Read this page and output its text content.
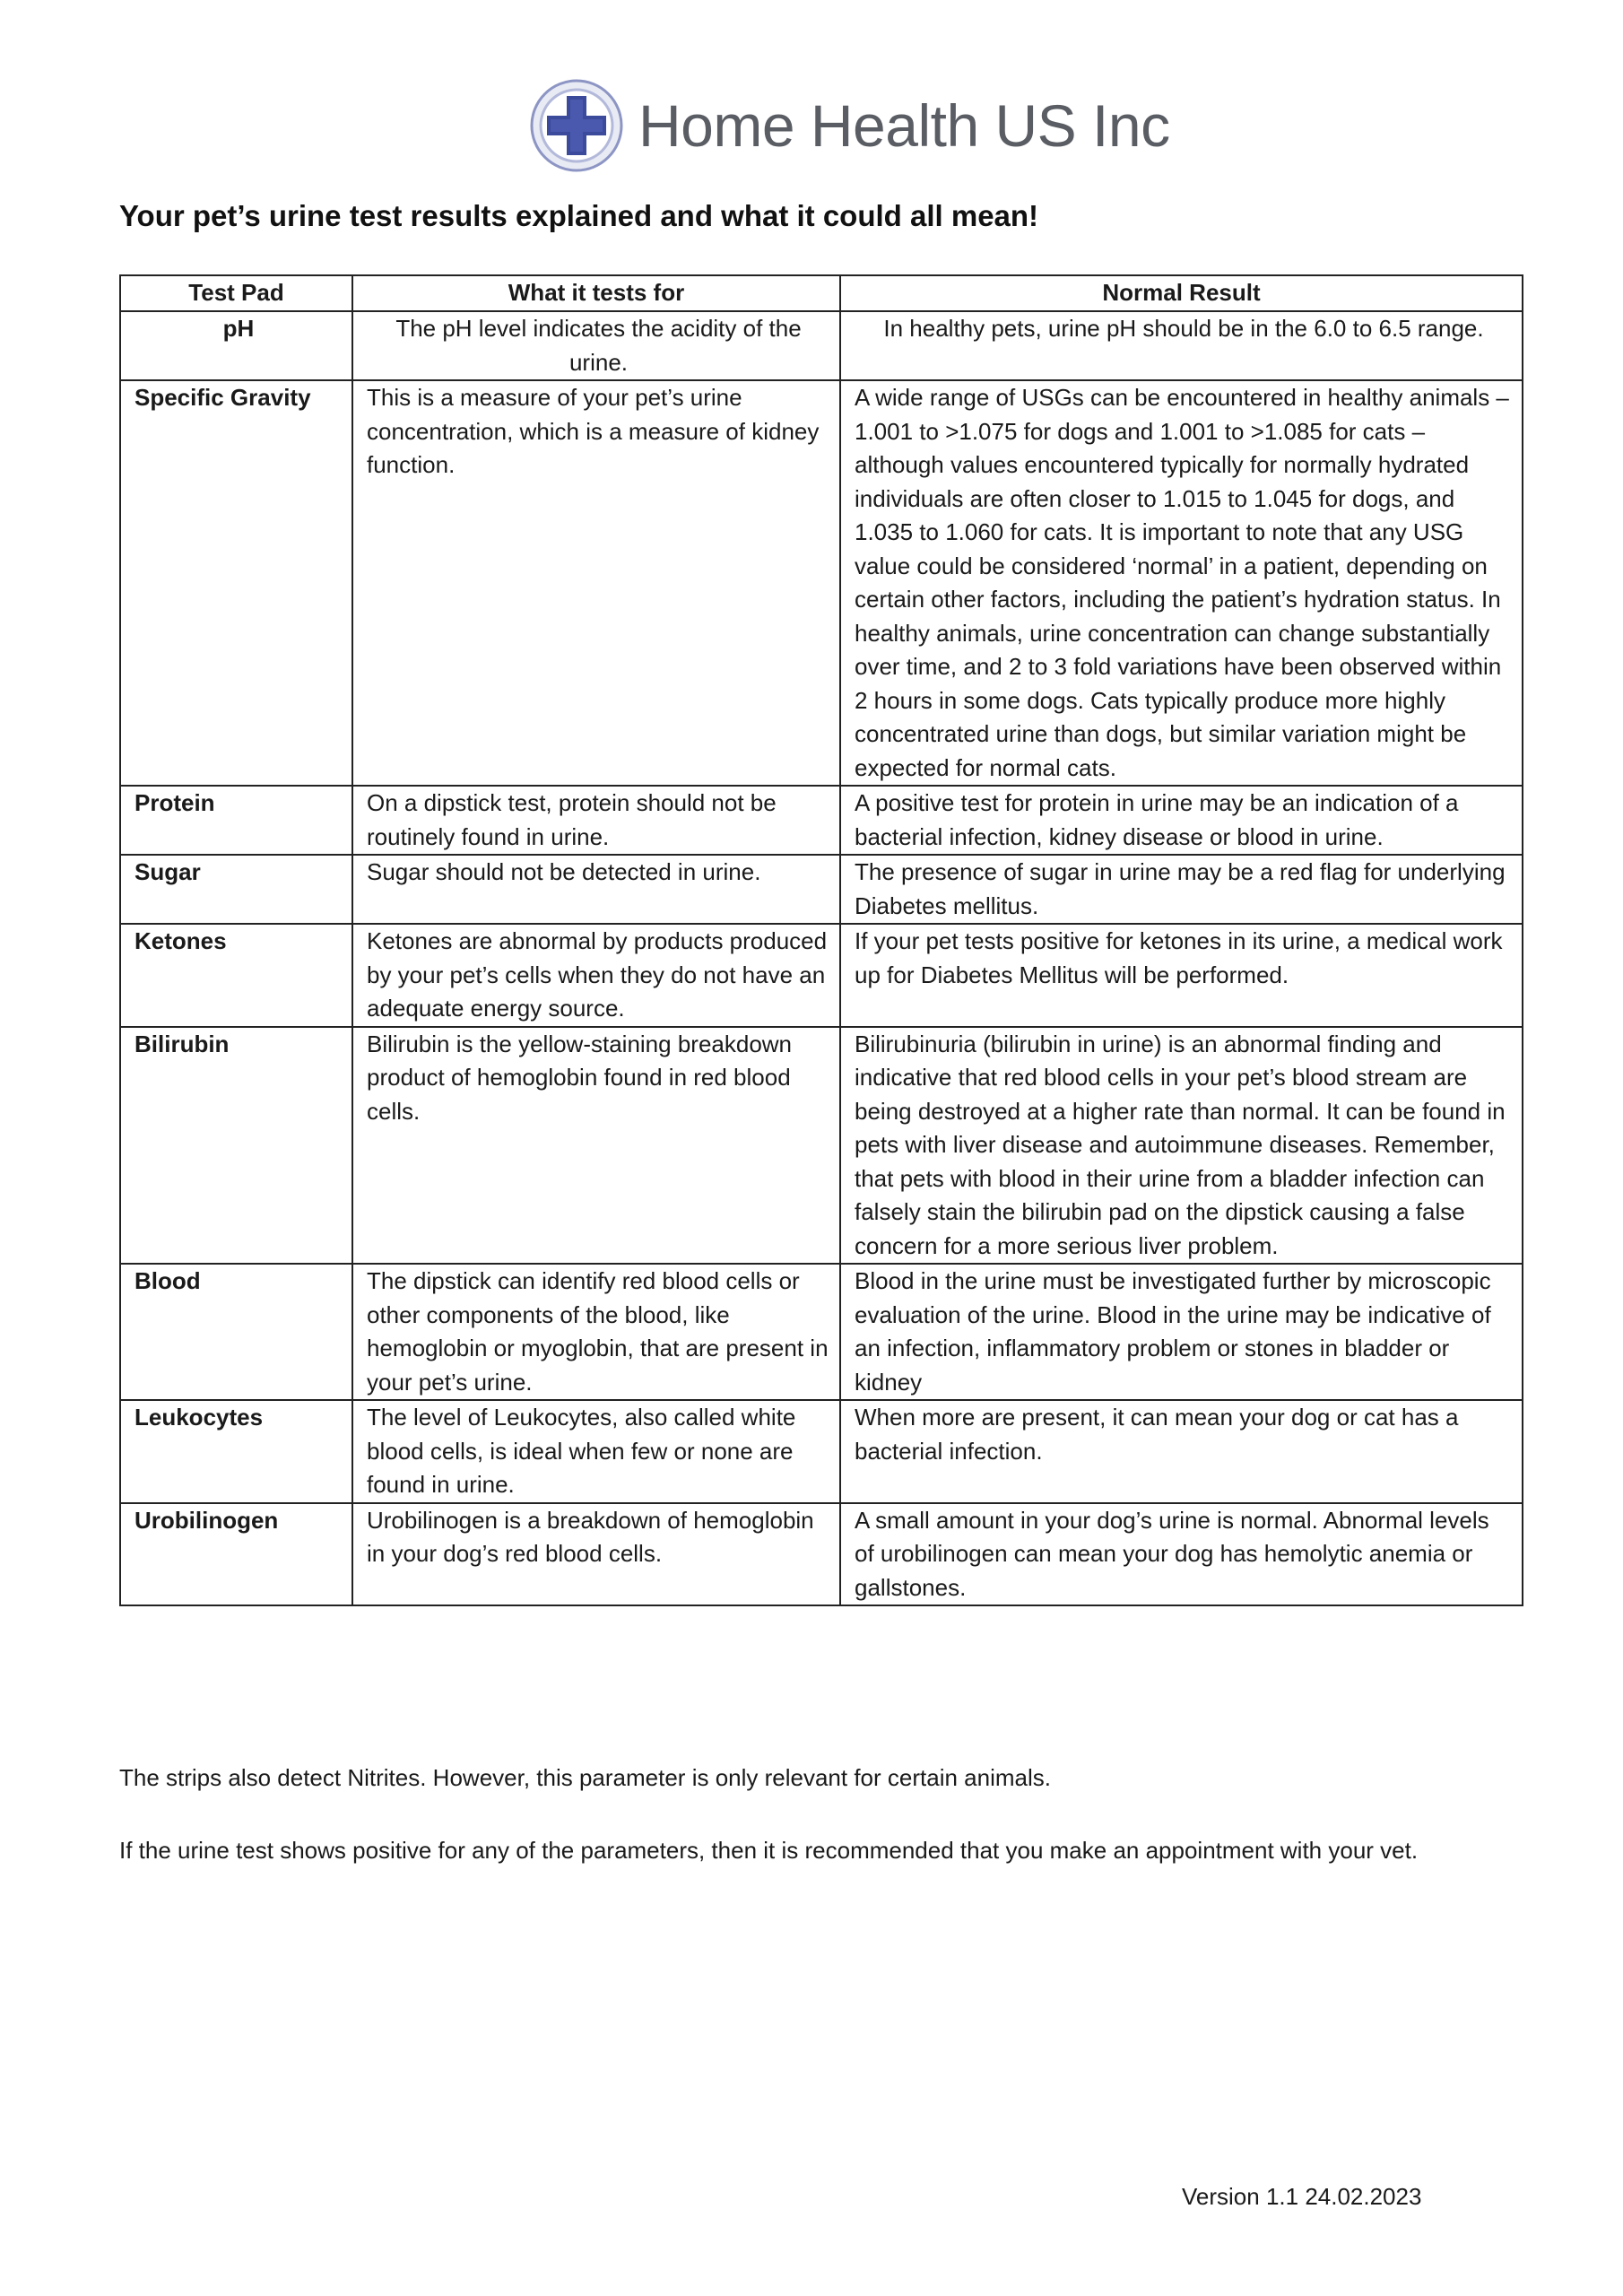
Home Health US Inc
Your pet’s urine test results explained and what it could all mean!
Test Pad	What it tests for	Normal Result
pH	The pH level indicates the acidity of the urine.	In healthy pets, urine pH should be in the 6.0 to 6.5 range.
Specific Gravity	This is a measure of your pet’s urine concentration, which is a measure of kidney function.	A wide range of USGs can be encountered in healthy animals – 1.001 to >1.075 for dogs and 1.001 to >1.085 for cats – although values encountered typically for normally hydrated individuals are often closer to 1.015 to 1.045 for dogs, and 1.035 to 1.060 for cats. It is important to note that any USG value could be considered ‘normal’ in a patient, depending on certain other factors, including the patient’s hydration status. In healthy animals, urine concentration can change substantially over time, and 2 to 3 fold variations have been observed within 2 hours in some dogs. Cats typically produce more highly concentrated urine than dogs, but similar variation might be expected for normal cats.
Protein	On a dipstick test, protein should not be routinely found in urine.	A positive test for protein in urine may be an indication of a bacterial infection, kidney disease or blood in urine.
Sugar	Sugar should not be detected in urine.	The presence of sugar in urine may be a red flag for underlying Diabetes mellitus.
Ketones	Ketones are abnormal by products produced by your pet’s cells when they do not have an adequate energy source.	If your pet tests positive for ketones in its urine, a medical work up for Diabetes Mellitus will be performed.
Bilirubin	Bilirubin is the yellow-staining breakdown product of hemoglobin found in red blood cells.	Bilirubinuria (bilirubin in urine) is an abnormal finding and indicative that red blood cells in your pet’s blood stream are being destroyed at a higher rate than normal. It can be found in pets with liver disease and autoimmune diseases. Remember, that pets with blood in their urine from a bladder infection can falsely stain the bilirubin pad on the dipstick causing a false concern for a more serious liver problem.
Blood	The dipstick can identify red blood cells or other components of the blood, like hemoglobin or myoglobin, that are present in your pet’s urine.	Blood in the urine must be investigated further by microscopic evaluation of the urine. Blood in the urine may be indicative of an infection, inflammatory problem or stones in bladder or kidney
Leukocytes	The level of Leukocytes, also called white blood cells, is ideal when few or none are found in urine.	When more are present, it can mean your dog or cat has a bacterial infection.
Urobilinogen	Urobilinogen is a breakdown of hemoglobin in your dog’s red blood cells.	A small amount in your dog’s urine is normal. Abnormal levels of urobilinogen can mean your dog has hemolytic anemia or gallstones.

The strips also detect Nitrites. However, this parameter is only relevant for certain animals.

If the urine test shows positive for any of the parameters, then it is recommended that you make an appointment with your vet.

Version 1.1 24.02.2023
